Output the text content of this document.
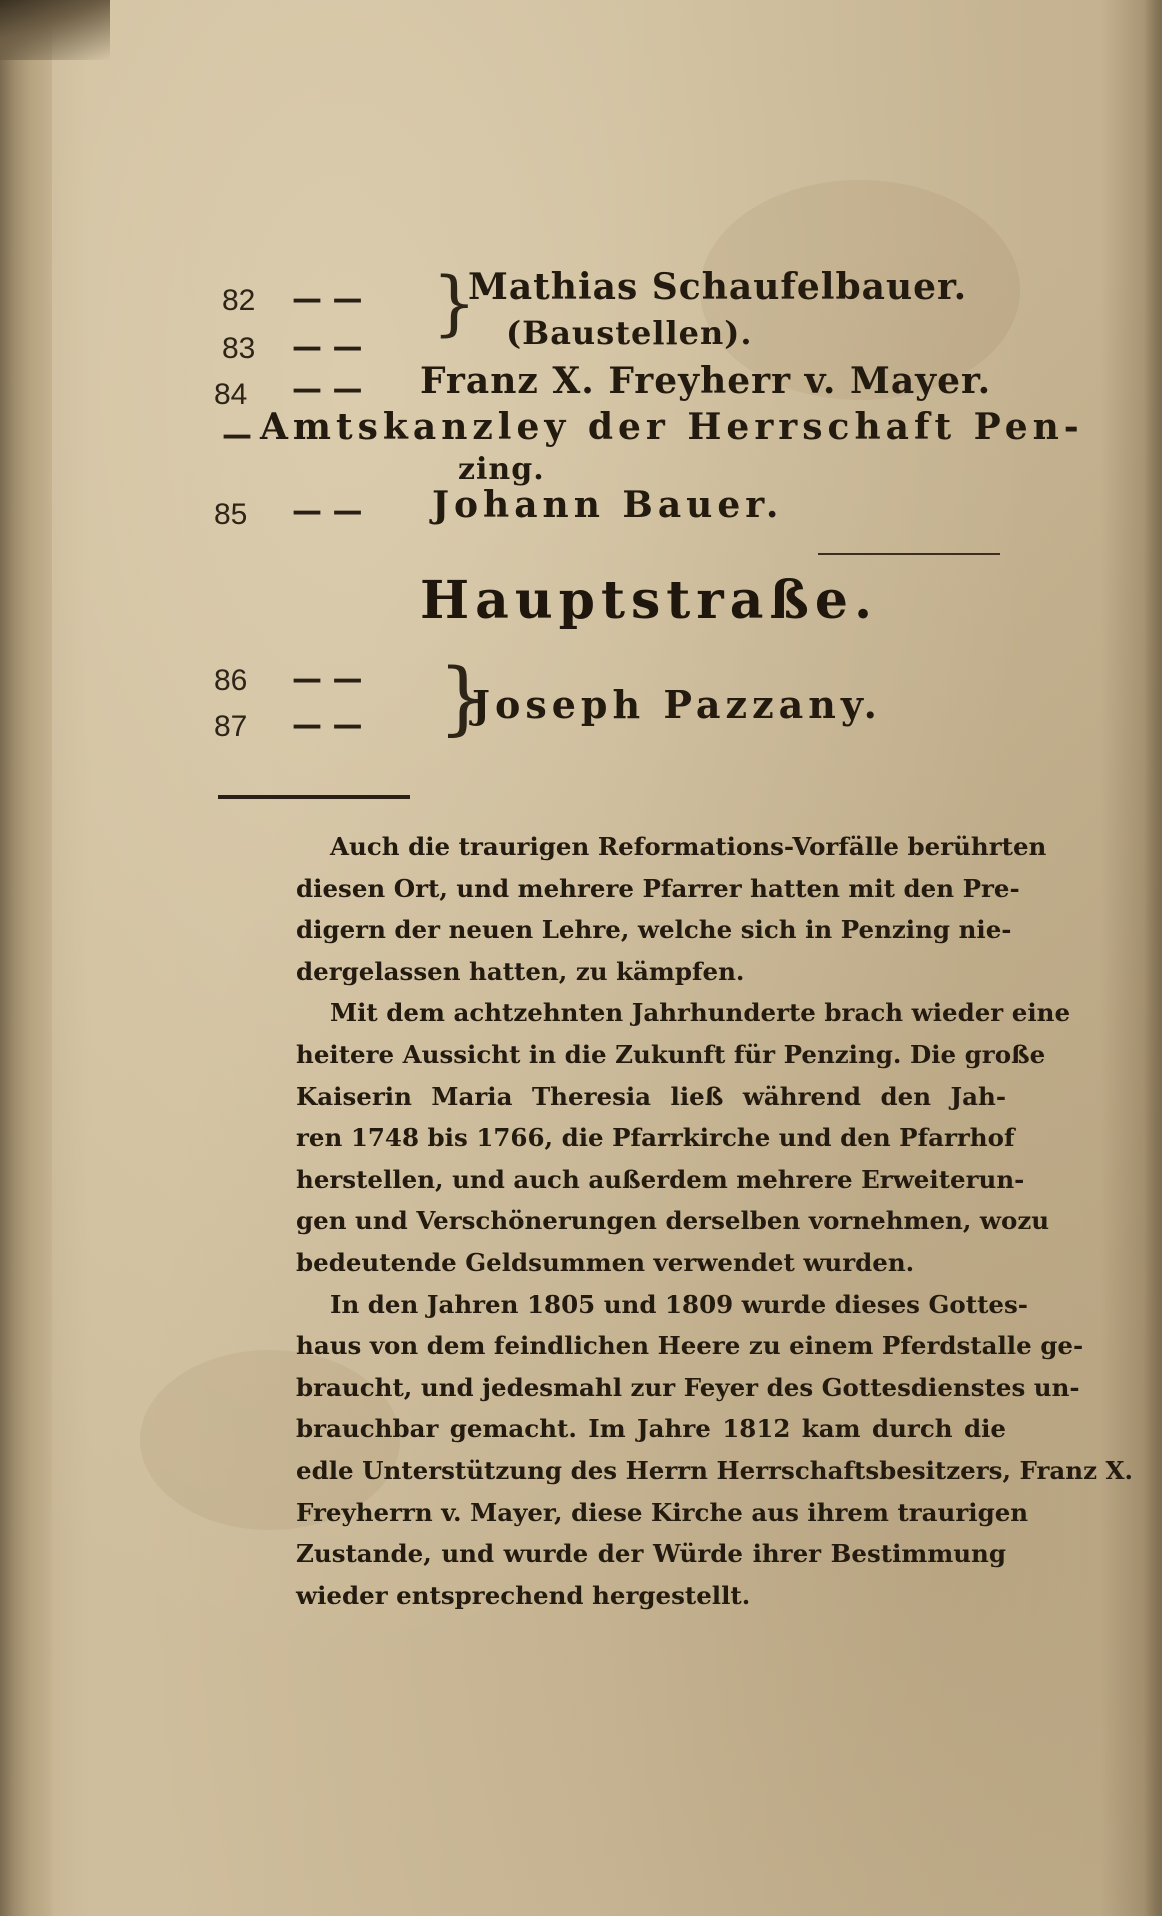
82 — —	Mathias Schaufelbauer.
83 — —	(Baustellen).
}
84 — — Franz X. Freyherr v. Mayer.
— Amtskanzley der Herrschaft Pen-
zing.
85 — — Johann Bauer.
Hauptstraße.
86 — —
87 — — }
Joseph Pazzany.

Auch die traurigen Reformations-Vorfälle berührten
diesen Ort, und mehrere Pfarrer hatten mit den Pre-
digern der neuen Lehre, welche sich in Penzing nie-
dergelassen hatten, zu kämpfen.

Mit dem achtzehnten Jahrhunderte brach wieder eine
heitere Aussicht in die Zukunft für Penzing. Die große
Kaiserin Maria Theresia ließ während den Jah-
ren 1748 bis 1766, die Pfarrkirche und den Pfarrhof
herstellen, und auch außerdem mehrere Erweiterun-
gen und Verschönerungen derselben vornehmen, wozu
bedeutende Geldsummen verwendet wurden.

In den Jahren 1805 und 1809 wurde dieses Gottes-
haus von dem feindlichen Heere zu einem Pferdstalle ge-
braucht, und jedesmahl zur Feyer des Gottesdienstes un-
brauchbar gemacht. Im Jahre 1812 kam durch die
edle Unterstützung des Herrn Herrschaftsbesitzers, Franz X.
Freyherrn v. Mayer, diese Kirche aus ihrem traurigen
Zustande, und wurde der Würde ihrer Bestimmung
wieder entsprechend hergestellt.
